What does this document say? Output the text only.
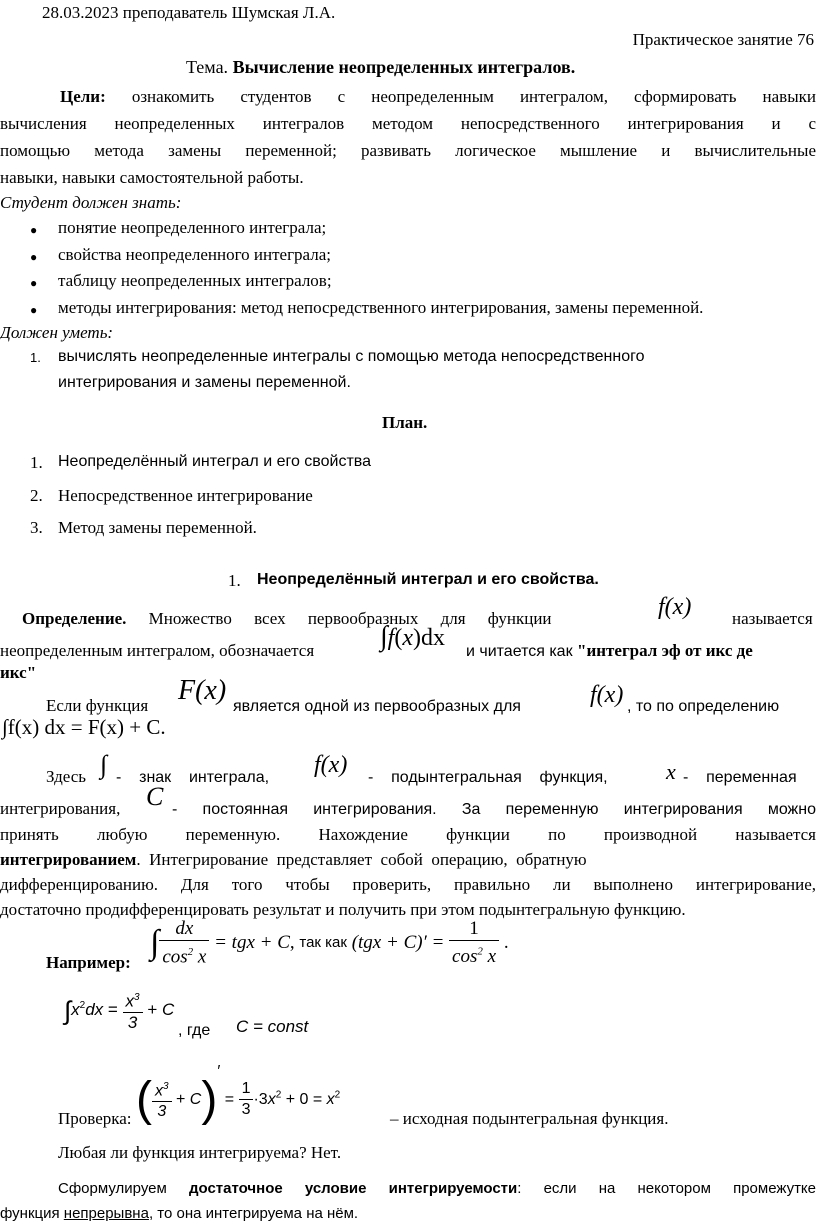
28.03.2023 преподаватель Шумская Л.А.
Практическое занятие 76
Тема. Вычисление неопределенных интегралов.
Цели: ознакомить студентов с неопределенным интегралом, сформировать навыки
вычисления неопределенных интегралов методом непосредственного интегрирования и с
помощью метода замены переменной; развивать логическое мышление и вычислительные
навыки, навыки самостоятельной работы.
Студент должен знать:
● понятие неопределенного интеграла;
● свойства неопределенного интеграла;
● таблицу неопределенных интегралов;
● методы интегрирования: метод непосредственного интегрирования, замены переменной.
Должен уметь:
1. вычислять неопределенные интегралы с помощью метода непосредственного
интегрирования и замены переменной.
План.
1. Неопределённый интеграл и его свойства
2. Непосредственное интегрирование
3. Метод замены переменной.
1. Неопределённый интеграл и его свойства.
Определение. Множество всех первообразных для функции	f(x) называется
неопределенным интегралом, обозначается ∫f(x)dx
и читается как "интеграл эф от икс де
икс"
Если функция F(x)
является одной из первообразных для	f(x) , то по определению
∫f(x) dx = F(x) + C.
Здесь ∫ -    знак    интеграла, f(x) -    подынтегральная    функция,	x -    переменная
интегрирования, C - постоянная интегрирования. За переменную интегрирования можно
принять любую переменную. Нахождение функции по производной называется
интегрированием.  Интегрирование  представляет  собой  операцию,  обратную
дифференцированию. Для того чтобы проверить, правильно ли выполнено интегрирование,
достаточно продифференцировать результат и получить при этом подынтегральную функцию.
∫ $\frac{dx}{\cos^2 x}$ = tgx + C, так как $(tgx + C)' = \frac{1}{\cos^2 x}$ .
Например:
$\int x^2dx = \frac{x^3}{3} + C$
, где C = const
( $\frac{x^3}{3} + C)' = \frac{1}{3} \cdot 3x^2 + 0 = x^2$
Проверка:	– исходная подынтегральная функция.
Любая ли функция интегрируема? Нет.
Сформулируем достаточное условие интегрируемости: если на некотором промежутке
функция непрерывна, то она интегрируема на нём.
